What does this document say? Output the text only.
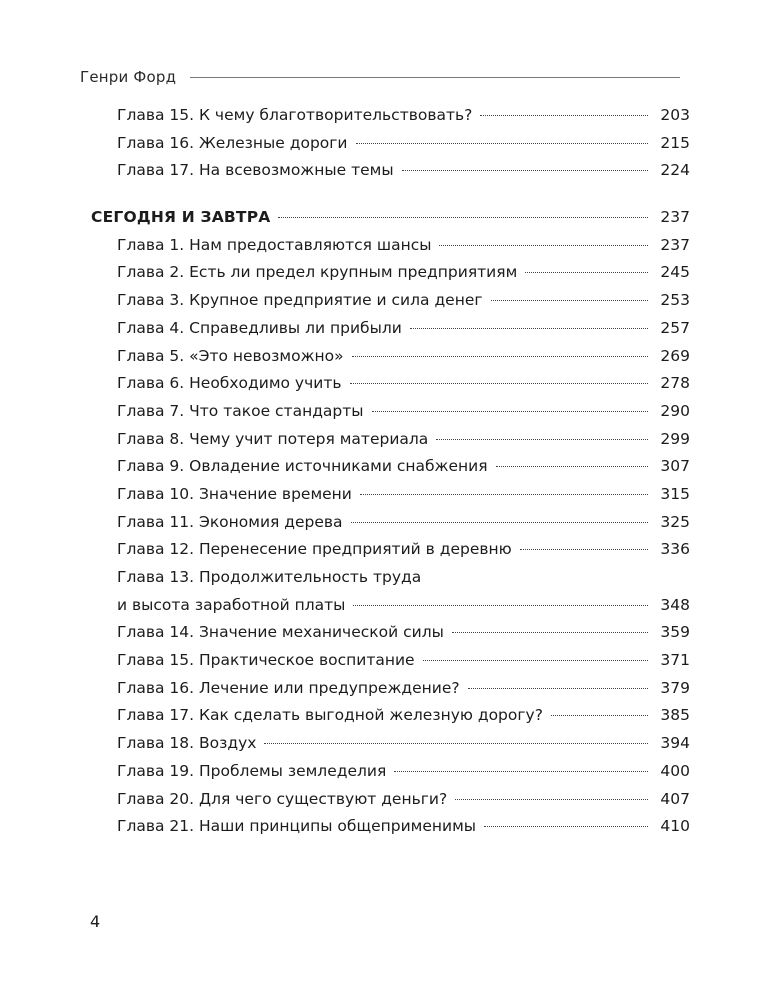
Генри Форд
Глава 15. К чему благотворительствовать?	203
Глава 16. Железные дороги	215
Глава 17. На всевозможные темы	224
СЕГОДНЯ И ЗАВТРА	237
Глава 1. Нам предоставляются шансы	237
Глава 2. Есть ли предел крупным предприятиям	245
Глава 3. Крупное предприятие и сила денег	253
Глава 4. Справедливы ли прибыли	257
Глава 5. «Это невозможно»	269
Глава 6. Необходимо учить	278
Глава 7. Что такое стандарты	290
Глава 8. Чему учит потеря материала	299
Глава 9. Овладение источниками снабжения	307
Глава 10. Значение времени	315
Глава 11. Экономия дерева	325
Глава 12. Перенесение предприятий в деревню	336
Глава 13. Продолжительность труда
и высота заработной платы	348
Глава 14. Значение механической силы	359
Глава 15. Практическое воспитание	371
Глава 16. Лечение или предупреждение?	379
Глава 17. Как сделать выгодной железную дорогу?	385
Глава 18. Воздух	394
Глава 19. Проблемы земледелия	400
Глава 20. Для чего существуют деньги?	407
Глава 21. Наши принципы общеприменимы	410
4
